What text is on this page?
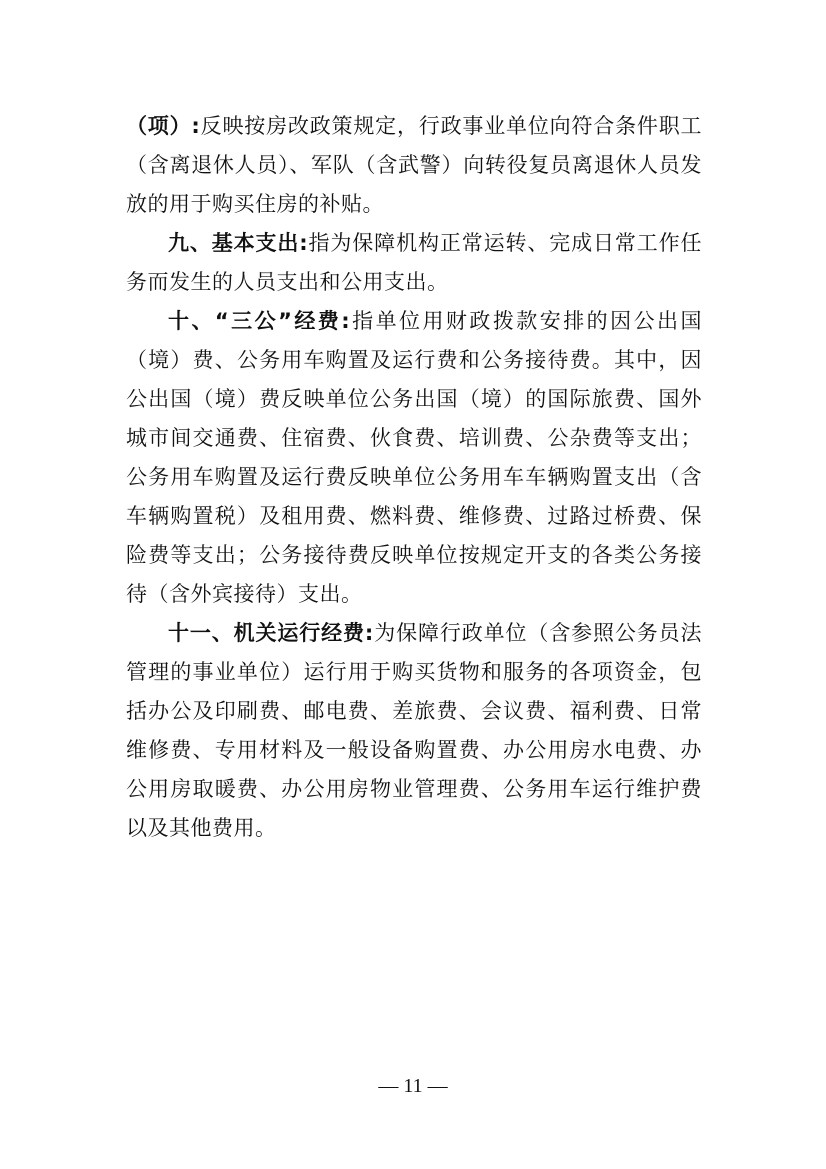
（项）:反映按房改政策规定，行政事业单位向符合条件职工（含离退休人员）、军队（含武警）向转役复员离退休人员发放的用于购买住房的补贴。

九、基本支出:指为保障机构正常运转、完成日常工作任务而发生的人员支出和公用支出。

十、“三公”经费:指单位用财政拨款安排的因公出国（境）费、公务用车购置及运行费和公务接待费。其中，因公出国（境）费反映单位公务出国（境）的国际旅费、国外城市间交通费、住宿费、伙食费、培训费、公杂费等支出；公务用车购置及运行费反映单位公务用车车辆购置支出（含车辆购置税）及租用费、燃料费、维修费、过路过桥费、保险费等支出；公务接待费反映单位按规定开支的各类公务接待（含外宾接待）支出。

十一、机关运行经费:为保障行政单位（含参照公务员法管理的事业单位）运行用于购买货物和服务的各项资金，包括办公及印刷费、邮电费、差旅费、会议费、福利费、日常维修费、专用材料及一般设备购置费、办公用房水电费、办公用房取暖费、办公用房物业管理费、公务用车运行维护费以及其他费用。

— 11 —
